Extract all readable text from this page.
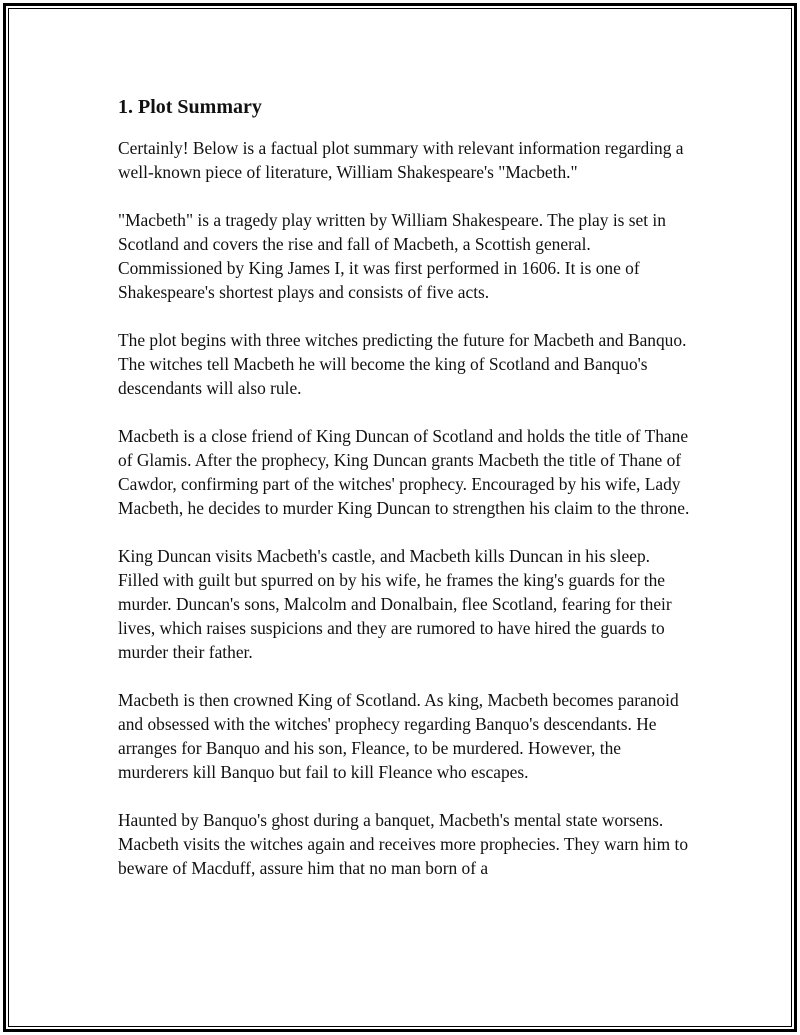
1. Plot Summary

Certainly! Below is a factual plot summary with relevant information regarding a well-known piece of literature, William Shakespeare's "Macbeth."

"Macbeth" is a tragedy play written by William Shakespeare. The play is set in Scotland and covers the rise and fall of Macbeth, a Scottish general. Commissioned by King James I, it was first performed in 1606. It is one of Shakespeare's shortest plays and consists of five acts.

The plot begins with three witches predicting the future for Macbeth and Banquo. The witches tell Macbeth he will become the king of Scotland and Banquo's descendants will also rule.

Macbeth is a close friend of King Duncan of Scotland and holds the title of Thane of Glamis. After the prophecy, King Duncan grants Macbeth the title of Thane of Cawdor, confirming part of the witches' prophecy. Encouraged by his wife, Lady Macbeth, he decides to murder King Duncan to strengthen his claim to the throne.

King Duncan visits Macbeth's castle, and Macbeth kills Duncan in his sleep. Filled with guilt but spurred on by his wife, he frames the king's guards for the murder. Duncan's sons, Malcolm and Donalbain, flee Scotland, fearing for their lives, which raises suspicions and they are rumored to have hired the guards to murder their father.

Macbeth is then crowned King of Scotland. As king, Macbeth becomes paranoid and obsessed with the witches' prophecy regarding Banquo's descendants. He arranges for Banquo and his son, Fleance, to be murdered. However, the murderers kill Banquo but fail to kill Fleance who escapes.

Haunted by Banquo's ghost during a banquet, Macbeth's mental state worsens. Macbeth visits the witches again and receives more prophecies. They warn him to beware of Macduff, assure him that no man born of a
